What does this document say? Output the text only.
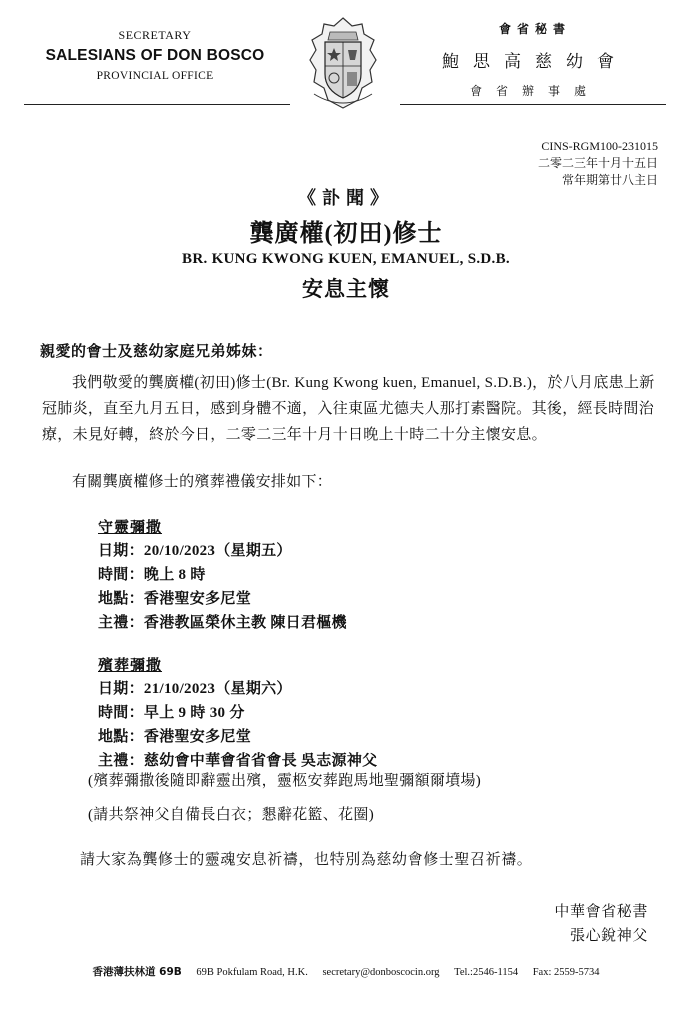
SECRETARY
SALESIANS OF DON BOSCO
PROVINCIAL OFFICE
會省秘書
鮑思高慈幼會
會省辦事處
CINS-RGM100-231015
二零二三年十月十五日
常年期第廿八主日
《訃聞》
龔廣權(初田)修士
BR. KUNG KWONG KUEN, EMANUEL, S.D.B.
安息主懷
親愛的會士及慈幼家庭兄弟姊妹：
我們敬愛的龔廣權(初田)修士(Br. Kung Kwong kuen, Emanuel, S.D.B.)，於八月底患上新冠肺炎，直至九月五日，感到身體不適，入往東區尤德夫人那打素醫院。其後，經長時間治療，未見好轉，終於今日，二零二三年十月十日晚上十時二十分主懷安息。
有關龔廣權修士的殯葬禮儀安排如下：
守靈彌撒
日期：20/10/2023（星期五）
時間：晚上 8 時
地點：香港聖安多尼堂
主禮：香港教區榮休主教 陳日君樞機
殯葬彌撒
日期：21/10/2023（星期六）
時間：早上 9 時 30 分
地點：香港聖安多尼堂
主禮：慈幼會中華會省省會長 吳志源神父
(殯葬彌撒後隨即辭靈出殯，靈柩安葬跑馬地聖彌額爾墳場)
(請共祭神父自備長白衣；懇辭花籃、花圈)
請大家為龔修士的靈魂安息祈禱，也特別為慈幼會修士聖召祈禱。
中華會省秘書
張心銳神父
香港薄扶林道 69B 69B Pokfulam Road, H.K. secretary@donboscocin.org Tel.:2546-1154 Fax: 2559-5734
